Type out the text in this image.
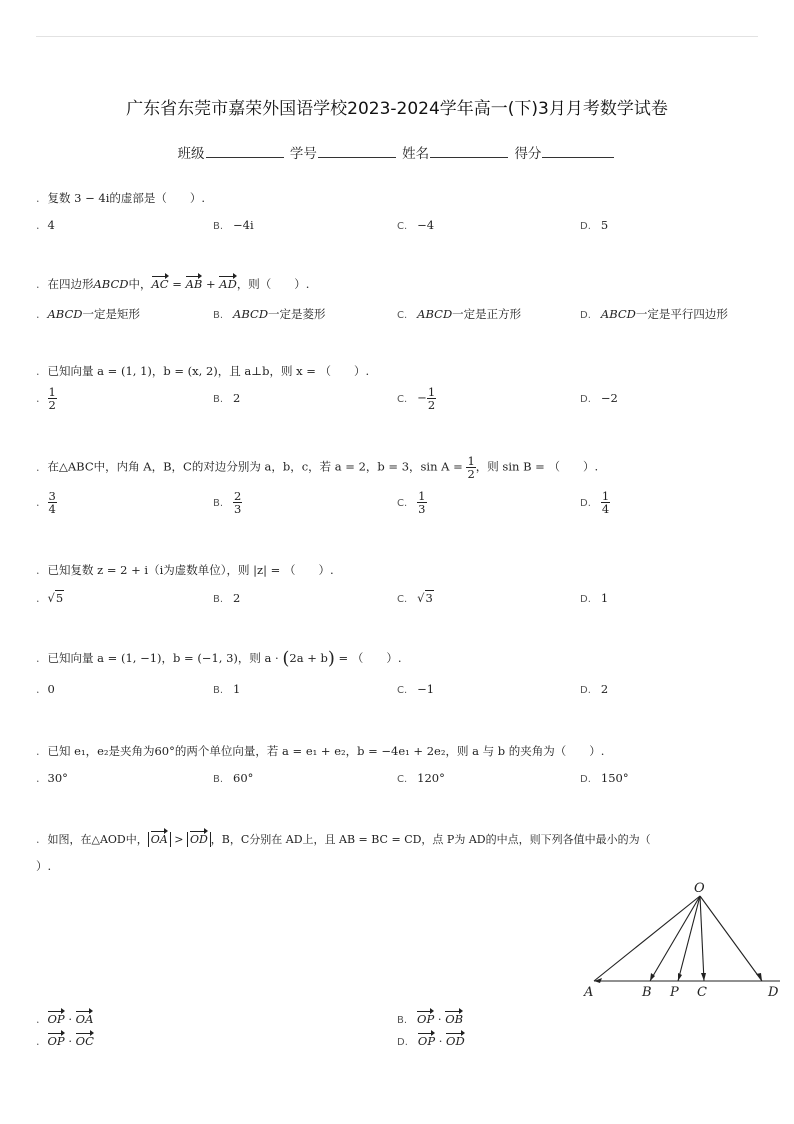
广东省东莞市嘉荣外国语学校2023-2024学年高一(下)3月月考数学试卷
班级	学号	姓名	得分
. 复数 3 − 4i的虚部是（　　）.
. 4	B. −4i	C. −4	D. 5
. 在四边形ABCD中，AC = AB + AD，则（　　）.
. ABCD一定是矩形	B. ABCD一定是菱形	C. ABCD一定是正方形	D. ABCD一定是平行四边形
. 已知向量 a = (1, 1)，b = (x, 2)，且 a⊥b，则 x = （　　）.
. $\frac{1}{2}$	B. 2	C. − $\frac{1}{2}$	D. −2
. 在△ABC中，内角 A，B，C的对边分别为 a，b，c，若 a = 2，b = 3，$\sin A = \frac{1}{2}$ ，则 sin B = （　　）.
. $\frac{3}{4}$	B. $\frac{2}{3}$	C. $\frac{1}{3}$	D. $\frac{1}{4}$
. 已知复数 z = 2 + i（i为虚数单位），则 |z| = （　　）.
. √5	B. 2	C. √3	D. 1
. 已知向量 a = (1, −1)，b = (−1, 3)，则 a · (2a + b) = （　　）.
. 0	B. 1	C. −1	D. 2
. 已知 e₁，e₂是夹角为60°的两个单位向量，若 a = e₁ + e₂，b = −4e₁ + 2e₂，则 a 与 b 的夹角为（　　）.
. 30°	B. 60°	C. 120°	D. 150°
. 如图，在△AOD中， OA > OD ，B，C分别在 AD上，且 AB = BC = CD，点 P为 AD的中点，则下列各值中最小的为（
）.
O
A	B P C	D
. OP · OA	B. OP · OB
. OP · OC	D. OP · OD
